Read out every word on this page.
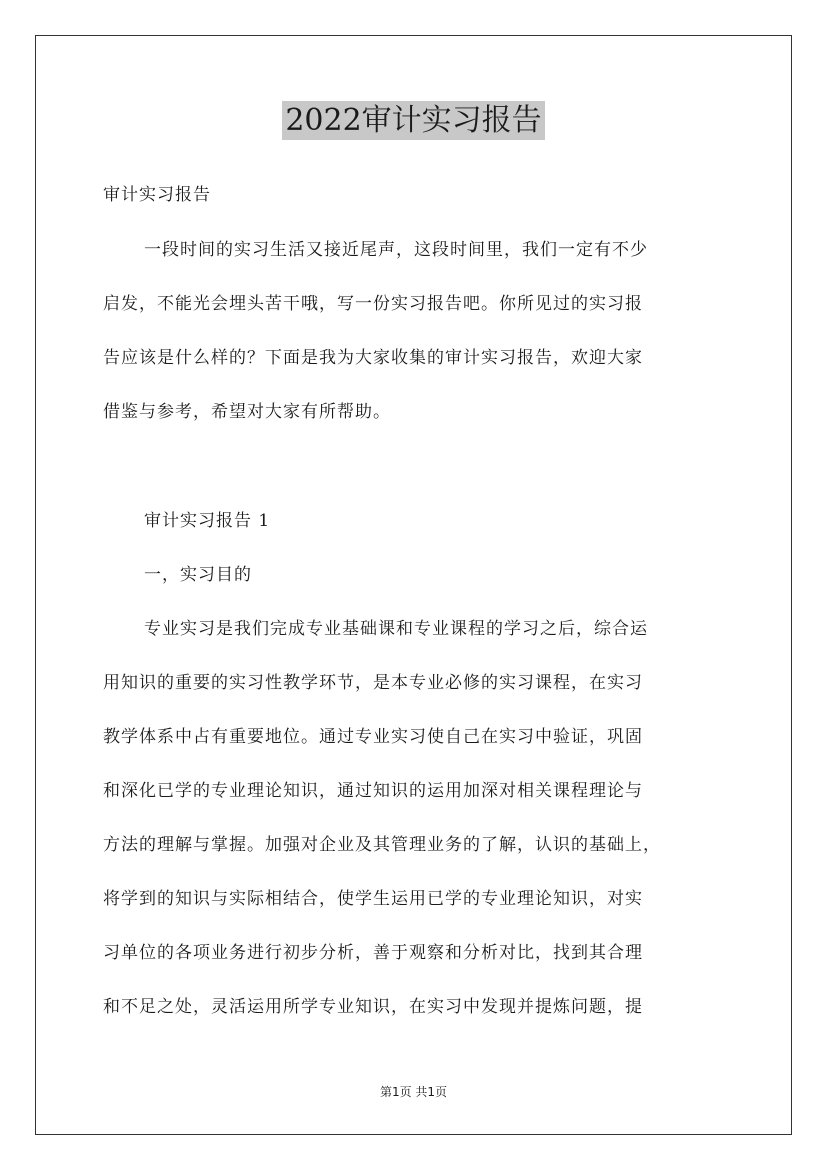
2022审计实习报告
审计实习报告
一段时间的实习生活又接近尾声，这段时间里，我们一定有不少
启发，不能光会埋头苦干哦，写一份实习报告吧。你所见过的实习报
告应该是什么样的？下面是我为大家收集的审计实习报告，欢迎大家
借鉴与参考，希望对大家有所帮助。
审计实习报告 1
一，实习目的
专业实习是我们完成专业基础课和专业课程的学习之后，综合运
用知识的重要的实习性教学环节，是本专业必修的实习课程，在实习
教学体系中占有重要地位。通过专业实习使自己在实习中验证，巩固
和深化已学的专业理论知识，通过知识的运用加深对相关课程理论与
方法的理解与掌握。加强对企业及其管理业务的了解，认识的基础上，
将学到的知识与实际相结合，使学生运用已学的专业理论知识，对实
习单位的各项业务进行初步分析，善于观察和分析对比，找到其合理
和不足之处，灵活运用所学专业知识，在实习中发现并提炼问题，提
第1页 共1页
